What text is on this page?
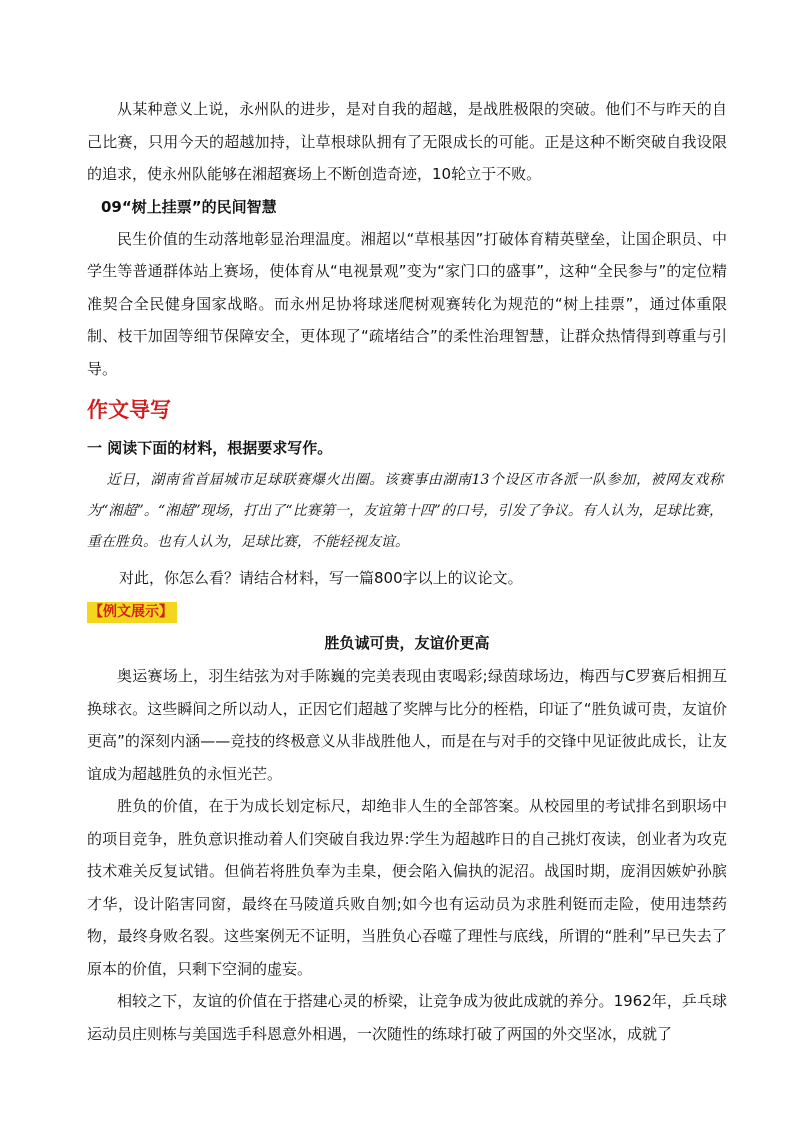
从某种意义上说，永州队的进步，是对自我的超越，是战胜极限的突破。他们不与昨天的自己比赛，只用今天的超越加持，让草根球队拥有了无限成长的可能。正是这种不断突破自我设限的追求，使永州队能够在湘超赛场上不断创造奇迹，10轮立于不败。

09“树上挂票”的民间智慧

民生价值的生动落地彰显治理温度。湘超以“草根基因”打破体育精英壁垒，让国企职员、中学生等普通群体站上赛场，使体育从“电视景观”变为“家门口的盛事”，这种“全民参与”的定位精准契合全民健身国家战略。而永州足协将球迷爬树观赛转化为规范的“树上挂票”，通过体重限制、枝干加固等细节保障安全，更体现了“疏堵结合”的柔性治理智慧，让群众热情得到尊重与引导。

作文导写

一 阅读下面的材料，根据要求写作。

近日，湖南省首届城市足球联赛爆火出圈。该赛事由湖南13个设区市各派一队参加，被网友戏称为“湘超”。“湘超”现场，打出了“比赛第一，友谊第十四”的口号，引发了争议。有人认为，足球比赛，重在胜负。也有人认为，足球比赛，不能轻视友谊。

对此，你怎么看？请结合材料，写一篇800字以上的议论文。

【例文展示】

胜负诚可贵，友谊价更高

奥运赛场上，羽生结弦为对手陈巍的完美表现由衷喝彩;绿茵球场边，梅西与C罗赛后相拥互换球衣。这些瞬间之所以动人，正因它们超越了奖牌与比分的桎梏，印证了“胜负诚可贵，友谊价更高”的深刻内涵——竞技的终极意义从非战胜他人，而是在与对手的交锋中见证彼此成长，让友谊成为超越胜负的永恒光芒。

胜负的价值，在于为成长划定标尺，却绝非人生的全部答案。从校园里的考试排名到职场中的项目竞争，胜负意识推动着人们突破自我边界:学生为超越昨日的自己挑灯夜读，创业者为攻克技术难关反复试错。但倘若将胜负奉为圭臬，便会陷入偏执的泥沼。战国时期，庞涓因嫉妒孙膑才华，设计陷害同窗，最终在马陵道兵败自刎;如今也有运动员为求胜利铤而走险，使用违禁药物，最终身败名裂。这些案例无不证明，当胜负心吞噬了理性与底线，所谓的“胜利”早已失去了原本的价值，只剩下空洞的虚妄。

相较之下，友谊的价值在于搭建心灵的桥梁，让竞争成为彼此成就的养分。1962年，乒乓球运动员庄则栋与美国选手科恩意外相遇，一次随性的练球打破了两国的外交坚冰，成就了
